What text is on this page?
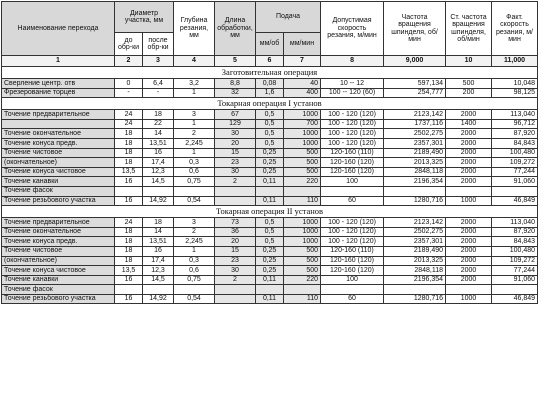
Наименование перехода	Диаметр участка, мм		Глубина резания, мм	Длина обработки, мм	Подача		Допустимая скорость резания, м/мин	Частота вращения шпинделя, об/мин	Ст. частота вращения шпинделя, об/мин	Факт. скорость резания, м/мин
	до обр-ки	после обр-ки			мм/об	мм/мин				
1	2	3	4	5	6	7	8	9,000	10	11,000
Заготовительная операция										
Сверление центр. отв	0	6,4	3,2	8,8	0,08	40	10 -- 12	597,134	500	10,048
Фрезерование торцев	-	-	1	32	1,6	400	100 -- 120 (60)	254,777	200	98,125
Токарная операция I установ										
Точение предварительное	24	18	3	67	0,5	1000	100 - 120 (120)	2123,142	2000	113,040
	24	22	1	129	0,5	700	100 - 120 (120)	1737,116	1400	96,712
Точение окончательное	18	14	2	30	0,5	1000	100 - 120 (120)	2502,275	2000	87,920
Точение конуса предв.	18	13,51	2,245	20	0,5	1000	100 - 120 (120)	2357,301	2000	84,843
Точение чистовое	18	16	1	15	0,25	500	120-160 (110)	2189,490	2000	100,480
(окончательное)	18	17,4	0,3	23	0,25	500	120-160 (120)	2013,325	2000	109,272
Точение конуса чистовое	13,5	12,3	0,6	30	0,25	500	120-160 (120)	2848,118	2000	77,244
Точение канавки	16	14,5	0,75	2	0,11	220	100	2196,354	2000	91,060
Точение фасок										
Точение резьбового участка	16	14,92	0,54		0,11	110	60	1280,716	1000	46,849
Токарная операция II установ										
Точение предварительное	24	18	3	73	0,5	1000	100 - 120 (120)	2123,142	2000	113,040
Точение окончательное	18	14	2	36	0,5	1000	100 - 120 (120)	2502,275	2000	87,920
Точение конуса предв.	18	13,51	2,245	20	0,5	1000	100 - 120 (120)	2357,301	2000	84,843
Точение чистовое	18	16	1	15	0,25	500	120-160 (110)	2189,490	2000	100,480
(окончательное)	18	17,4	0,3	23	0,25	500	120-160 (120)	2013,325	2000	109,272
Точение конуса чистовое	13,5	12,3	0,6	30	0,25	500	120-160 (120)	2848,118	2000	77,244
Точение канавки	16	14,5	0,75	2	0,11	220	100	2196,354	2000	91,060
Точение фасок										
Точение резьбового участка	16	14,92	0,54		0,11	110	60	1280,716	1000	46,849
